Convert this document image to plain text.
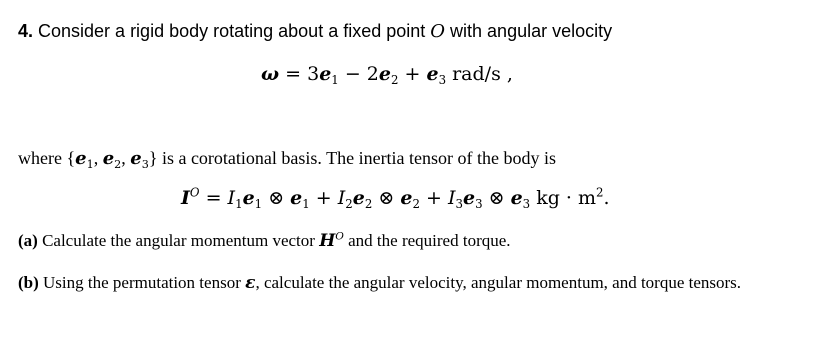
4. Consider a rigid body rotating about a fixed point O with angular velocity
$\omega = 3e_1 - 2e_2 + e_3$ rad/s ,
where {$e_1$, $e_2$, $e_3$} is a corotational basis. The inertia tensor of the body is
$I^O = I_1e_1$ ⊗ $e_1 + I_2e_2$ ⊗ $e_2 + I_3e_3$ ⊗ $e_3$ kg · $m^2$.
(a) Calculate the angular momentum vector $H^O$ and the required torque.
(b) Using the permutation tensor ε, calculate the angular velocity, angular momentum, and torque tensors.
